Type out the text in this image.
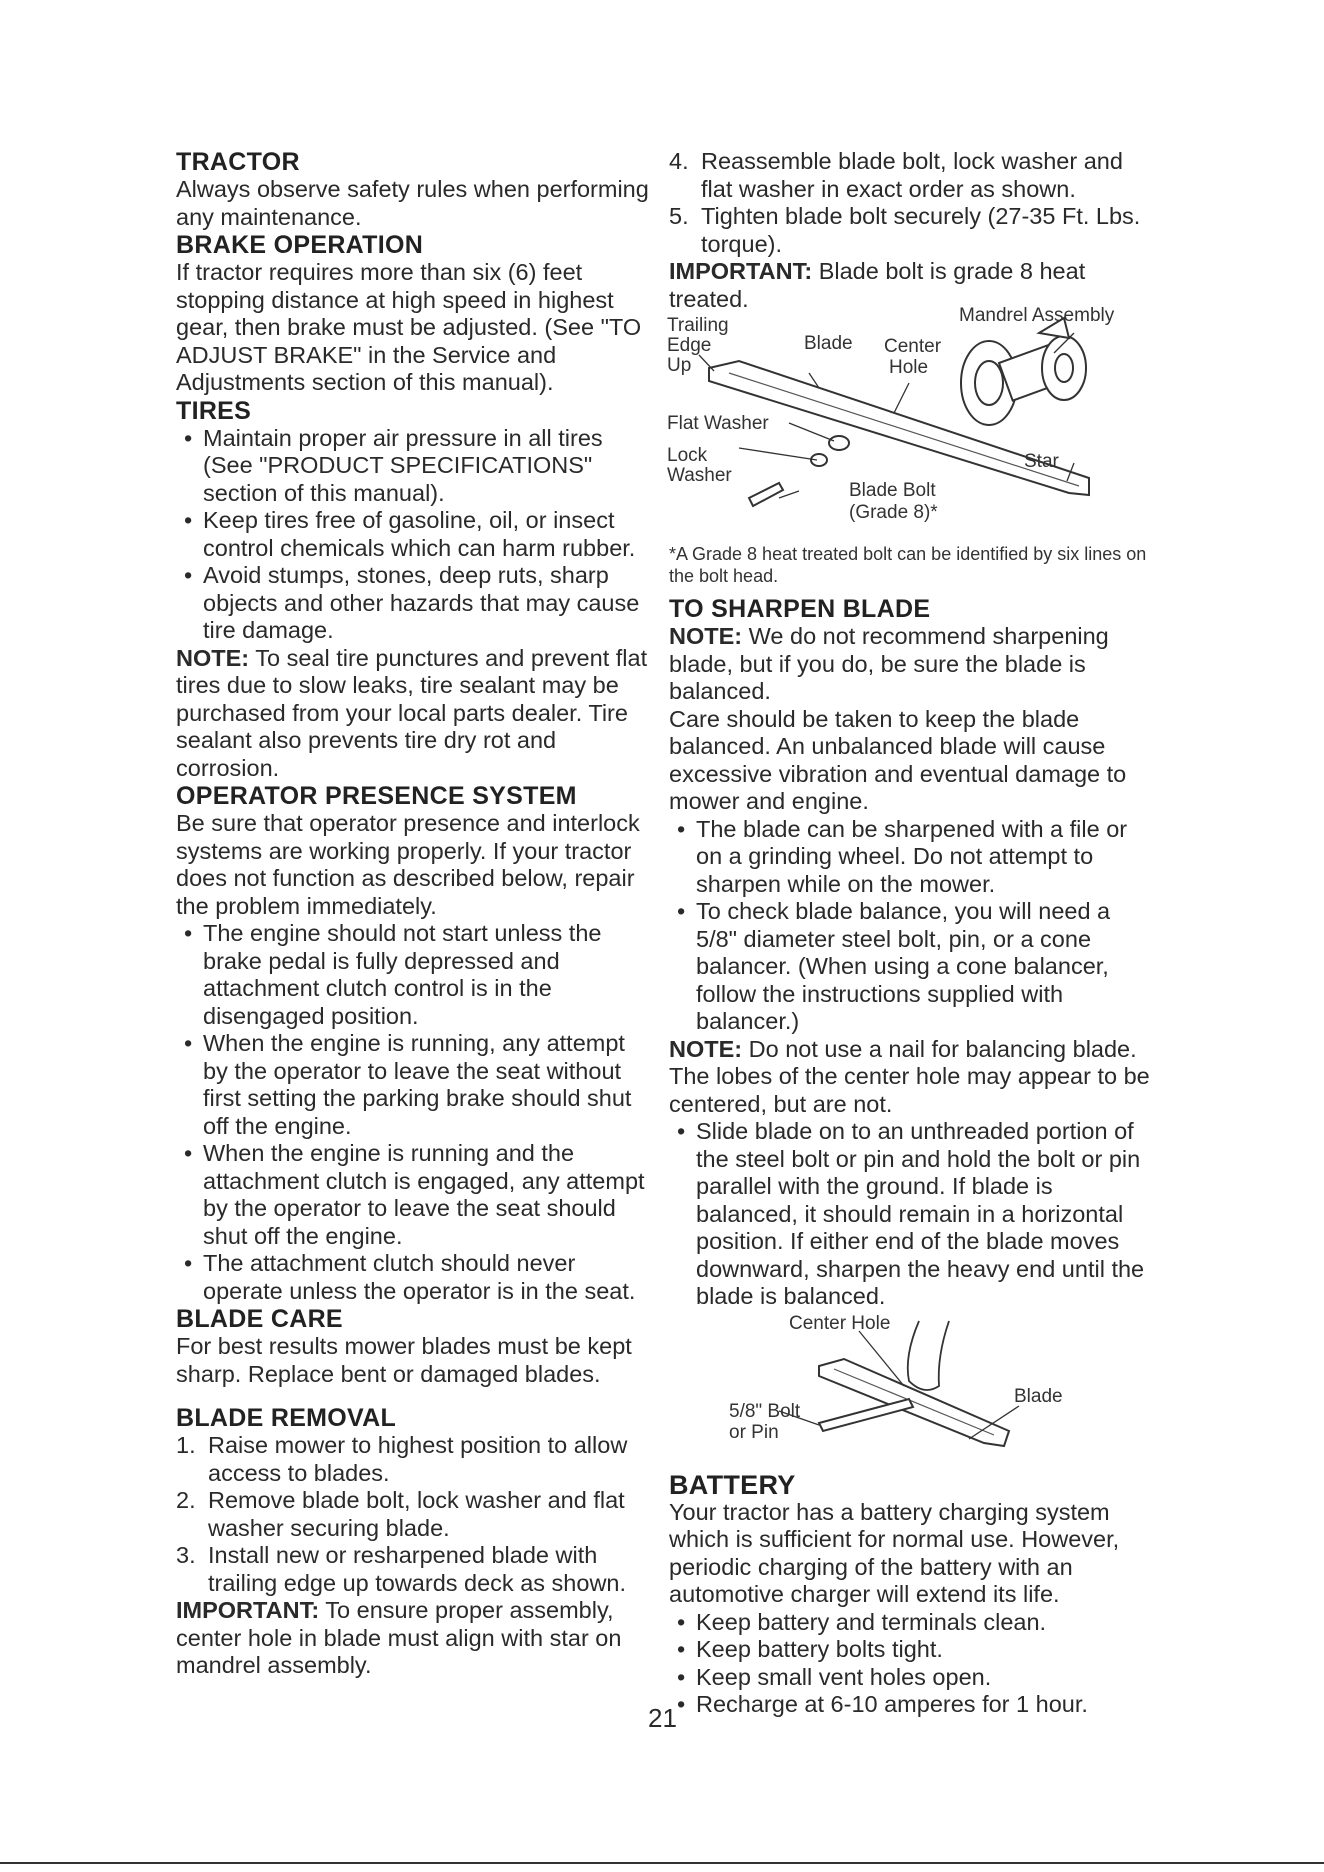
TRACTOR

Always observe safety rules when performing any maintenance.

BRAKE OPERATION

If tractor requires more than six (6) feet stopping distance at high speed in highest gear, then brake must be adjusted. (See "TO ADJUST BRAKE" in the Service and Adjustments section of this manual).

TIRES
• Maintain proper air pressure in all tires (See "PRODUCT SPECIFICATIONS" section of this manual).
• Keep tires free of gasoline, oil, or insect control chemicals which can harm rubber.
• Avoid stumps, stones, deep ruts, sharp objects and other hazards that may cause tire damage.

NOTE: To seal tire punctures and prevent flat tires due to slow leaks, tire sealant may be purchased from your local parts dealer. Tire sealant also prevents tire dry rot and corrosion.

OPERATOR PRESENCE SYSTEM

Be sure that operator presence and interlock systems are working properly. If your tractor does not function as described below, repair the problem immediately.

• The engine should not start unless the brake pedal is fully depressed and attachment clutch control is in the disengaged position.
• When the engine is running, any attempt by the operator to leave the seat without first setting the parking brake should shut off the engine.
• When the engine is running and the attachment clutch is engaged, any attempt by the operator to leave the seat should shut off the engine.
• The attachment clutch should never operate unless the operator is in the seat.
BLADE CARE

For best results mower blades must be kept sharp. Replace bent or damaged blades.

BLADE REMOVAL
1. Raise mower to highest position to allow access to blades.
2. Remove blade bolt, lock washer and flat washer securing blade.
3. Install new or resharpened blade with trailing edge up towards deck as shown.

IMPORTANT: To ensure proper assembly, center hole in blade must align with star on mandrel assembly.

4. Reassemble blade bolt, lock washer and flat washer in exact order as shown.
5. Tighten blade bolt securely (27-35 Ft. Lbs. torque).

IMPORTANT: Blade bolt is grade 8 heat treated.

Mandrel Assembly
Trailing
Edge
Up
Blade Center
Hole
Flat Washer
Lock
Washer
Star
Blade Bolt
(Grade 8)*

*A Grade 8 heat treated bolt can be identified by six lines on the bolt head.

TO SHARPEN BLADE

NOTE: We do not recommend sharpening blade, but if you do, be sure the blade is balanced.

Care should be taken to keep the blade balanced. An unbalanced blade will cause excessive vibration and eventual damage to mower and engine.

• The blade can be sharpened with a file or on a grinding wheel. Do not attempt to sharpen while on the mower.
• To check blade balance, you will need a 5/8" diameter steel bolt, pin, or a cone balancer. (When using a cone balancer, follow the instructions supplied with balancer.)

NOTE: Do not use a nail for balancing blade. The lobes of the center hole may appear to be centered, but are not.

• Slide blade on to an unthreaded portion of the steel bolt or pin and hold the bolt or pin parallel with the ground. If blade is balanced, it should remain in a horizontal position. If either end of the blade moves downward, sharpen the heavy end until the blade is balanced.
Center Hole
Blade
5/8" Bolt
or Pin
BATTERY

Your tractor has a battery charging system which is sufficient for normal use. However, periodic charging of the battery with an automotive charger will extend its life.

• Keep battery and terminals clean.
• Keep battery bolts tight.
• Keep small vent holes open.
• Recharge at 6-10 amperes for 1 hour.
21
